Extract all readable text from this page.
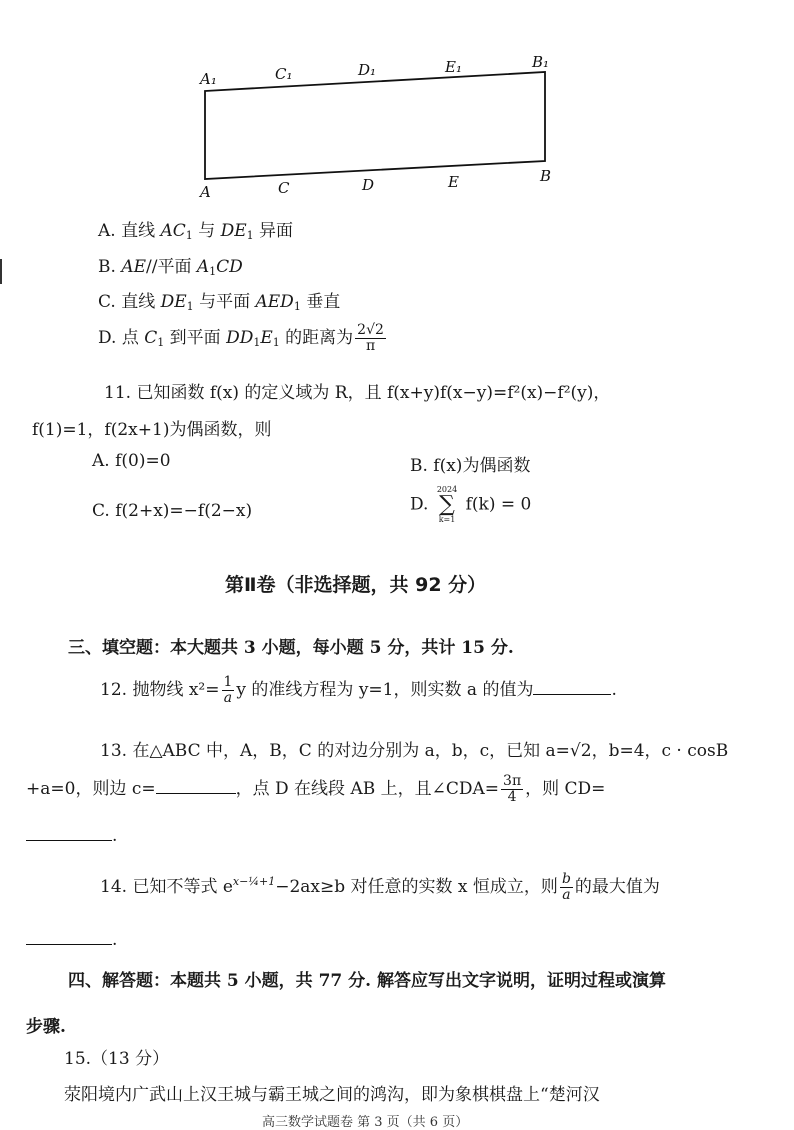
A₁	C₁	D₁	E₁	B₁
A	C	D	E	B
A. 直线 $AC_1$ 与 $DE_1$ 异面
B. AE//平面 $A_1CD$
C. 直线 $DE_1$ 与平面 $AED_1$ 垂直
D. 点 $C_1$ 到平面 $DD_1E_1$ 的距离为 $\frac{2√2}{\pi}$
11. 已知函数 f(x) 的定义域为 R，且 f(x+y)f(x−y)=f²(x)−f²(y)，
f(1)=1，f(2x+1)为偶函数，则
A. f(0)=0	B. f(x)为偶函数
C. f(2+x)=−f(2−x)	D.
2024
∑
k=1
f(k) = 0
第Ⅱ卷（非选择题，共 92 分）
三、填空题：本大题共 3 小题，每小题 5 分，共计 15 分.
12. 抛物线 $x^2= \frac{1}{a}$ y 的准线方程为 y=1，则实数 a 的值为	.
13. 在△ABC 中，A，B，C 的对边分别为 a，b，c，已知 a=√2，b=4，c · cosB
+a=0，则边 c=	，点 D 在线段 AB 上，且∠CDA= $\frac{3\pi}{4}$ ，则 CD=
.
14. 已知不等式 $e^{x-\frac{1}{4}+1}-2ax\ge b$ 对任意的实数 x 恒成立，则 $\frac{b}{a}$ 的最大值为
.
四、解答题：本题共 5 小题，共 77 分. 解答应写出文字说明，证明过程或演算
步骤.
15.（13 分）
荥阳境内广武山上汉王城与霸王城之间的鸿沟，即为象棋棋盘上“楚河汉
高三数学试题卷 第 3 页（共 6 页）
